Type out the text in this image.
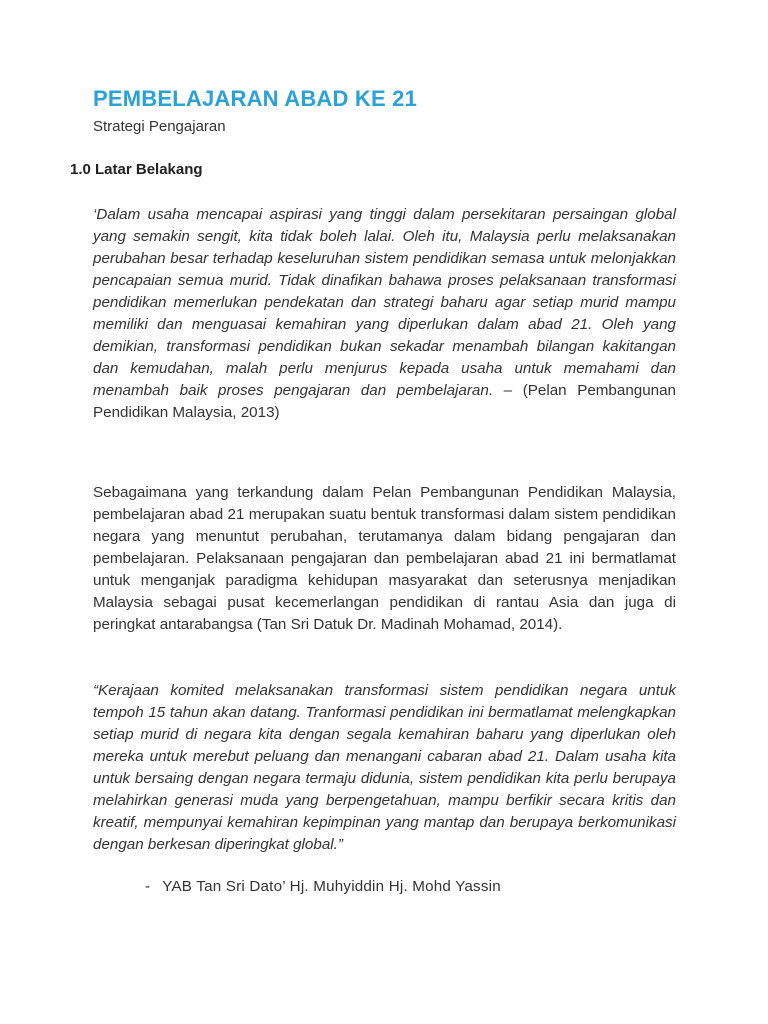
PEMBELAJARAN ABAD KE 21

Strategi Pengajaran

1.0 Latar Belakang

‘Dalam usaha mencapai aspirasi yang tinggi dalam persekitaran persaingan global yang semakin sengit, kita tidak boleh lalai. Oleh itu, Malaysia perlu melaksanakan perubahan besar terhadap keseluruhan sistem pendidikan semasa untuk melonjakkan pencapaian semua murid. Tidak dinafikan bahawa proses pelaksanaan transformasi pendidikan memerlukan pendekatan dan strategi baharu agar setiap murid mampu memiliki dan menguasai kemahiran yang diperlukan dalam abad 21. Oleh yang demikian, transformasi pendidikan bukan sekadar menambah bilangan kakitangan dan kemudahan, malah perlu menjurus kepada usaha untuk memahami dan menambah baik proses pengajaran dan pembelajaran. – (Pelan Pembangunan Pendidikan Malaysia, 2013)

Sebagaimana yang terkandung dalam Pelan Pembangunan Pendidikan Malaysia, pembelajaran abad 21 merupakan suatu bentuk transformasi dalam sistem pendidikan negara yang menuntut perubahan, terutamanya dalam bidang pengajaran dan pembelajaran. Pelaksanaan pengajaran dan pembelajaran abad 21 ini bermatlamat untuk menganjak paradigma kehidupan masyarakat dan seterusnya menjadikan Malaysia sebagai pusat kecemerlangan pendidikan di rantau Asia dan juga di peringkat antarabangsa (Tan Sri Datuk Dr. Madinah Mohamad, 2014).

“Kerajaan komited melaksanakan transformasi sistem pendidikan negara untuk tempoh 15 tahun akan datang. Tranformasi pendidikan ini bermatlamat melengkapkan setiap murid di negara kita dengan segala kemahiran baharu yang diperlukan oleh mereka untuk merebut peluang dan menangani cabaran abad 21. Dalam usaha kita untuk bersaing dengan negara termaju didunia, sistem pendidikan kita perlu berupaya melahirkan generasi muda yang berpengetahuan, mampu berfikir secara kritis dan kreatif, mempunyai kemahiran kepimpinan yang mantap dan berupaya berkomunikasi dengan berkesan diperingkat global.”

- YAB Tan Sri Dato’ Hj. Muhyiddin Hj. Mohd Yassin
